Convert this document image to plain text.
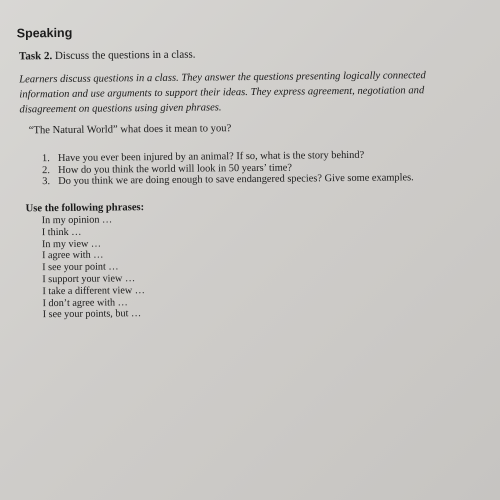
Speaking
Task 2. Discuss the questions in a class.
Learners discuss questions in a class. They answer the questions presenting logically connected
information and use arguments to support their ideas. They express agreement, negotiation and
disagreement on questions using given phrases.
“The Natural World” what does it mean to you?
1. Have you ever been injured by an animal? If so, what is the story behind?
2. How do you think the world will look in 50 years’ time?
3. Do you think we are doing enough to save endangered species? Give some examples.
Use the following phrases:
In my opinion …
I think …
In my view …
I agree with …
I see your point …
I support your view …
I take a different view …
I don’t agree with …
I see your points, but …
